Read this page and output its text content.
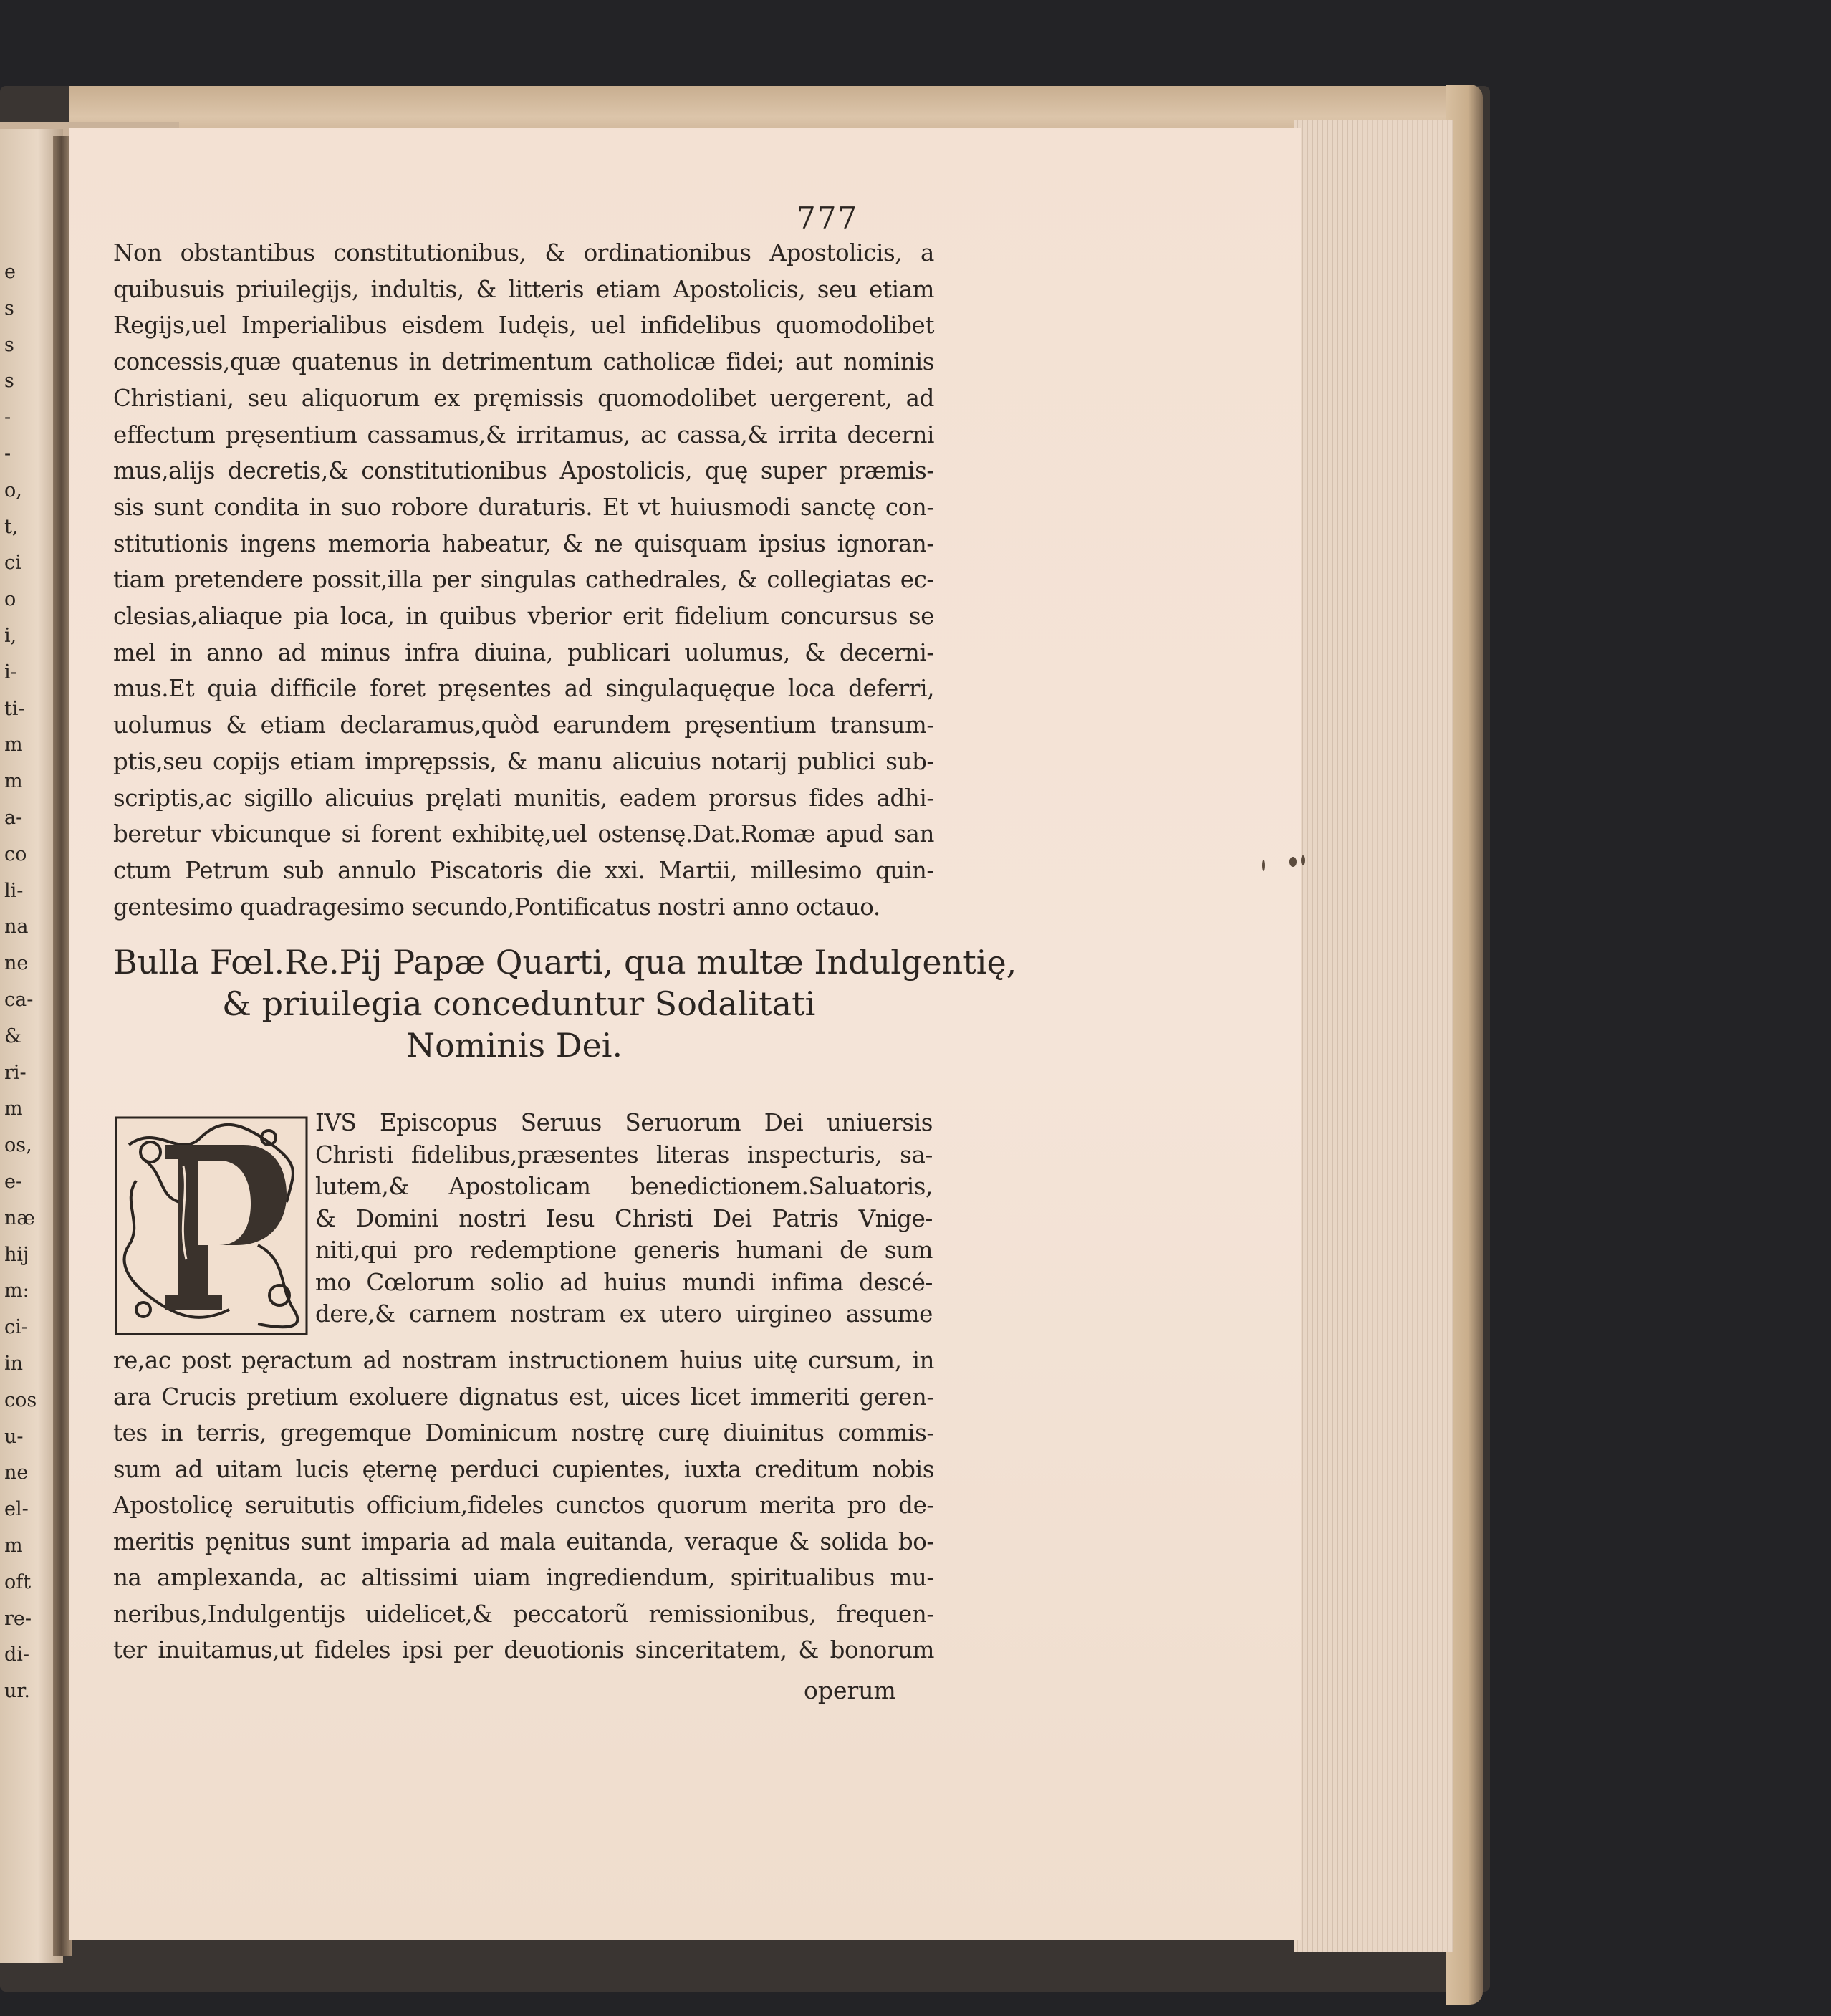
e
s
s
s
-
-
o,
t,
ci
o
i,
i-
ti-
m
m
a-
co
li-
na
ne
ca-
&
ri-
m
os,
e-
næ
hij
m:
ci-
in
cos
u-
ne
el-
m
oft
re-
di-
ur.
777
Non obstantibus constitutionibus, & ordinationibus Apostolicis, a
quibusuis priuilegijs, indultis, & litteris etiam Apostolicis, seu etiam
Regijs,uel Imperialibus eisdem Iudęis, uel infidelibus quomodolibet
concessis,quæ quatenus in detrimentum catholicæ fidei; aut nominis
Christiani, seu aliquorum ex pręmissis quomodolibet uergerent, ad
effectum pręsentium cassamus,& irritamus, ac cassa,& irrita decerni
mus,alijs decretis,& constitutionibus Apostolicis, quę super præmis-
sis sunt condita in suo robore duraturis. Et vt huiusmodi sanctę con-
stitutionis ingens memoria habeatur, & ne quisquam ipsius ignoran-
tiam pretendere possit,illa per singulas cathedrales, & collegiatas ec-
clesias,aliaque pia loca, in quibus vberior erit fidelium concursus se
mel in anno ad minus infra diuina, publicari uolumus, & decerni-
mus.Et quia difficile foret pręsentes ad singulaquęque loca deferri,
uolumus & etiam declaramus,quòd earundem pręsentium transum-
ptis,seu copijs etiam imprępssis, & manu alicuius notarij publici sub-
scriptis,ac sigillo alicuius pręlati munitis, eadem prorsus fides adhi-
beretur vbicunque si forent exhibitę,uel ostensę.Dat.Romæ apud san
ctum Petrum sub annulo Piscatoris die xxi. Martii, millesimo quin-
gentesimo quadragesimo secundo,Pontificatus nostri anno octauo.
Bulla Fœl.Re.Pij Papæ Quarti, qua multæ Indulgentię,
& priuilegia conceduntur Sodalitati
Nominis Dei.
IVS Episcopus Seruus Seruorum Dei uniuersis
Christi fidelibus,præsentes literas inspecturis, sa-
lutem,& Apostolicam benedictionem.Saluatoris,
& Domini nostri Iesu Christi Dei Patris Vnige-
niti,qui pro redemptione generis humani de sum
mo Cœlorum solio ad huius mundi infima descé-
dere,& carnem nostram ex utero uirgineo assume
re,ac post pęractum ad nostram instructionem huius uitę cursum, in
ara Crucis pretium exoluere dignatus est, uices licet immeriti geren-
tes in terris, gregemque Dominicum nostrę curę diuinitus commis-
sum ad uitam lucis ęternę perduci cupientes, iuxta creditum nobis
Apostolicę seruitutis officium,fideles cunctos quorum merita pro de-
meritis pęnitus sunt imparia ad mala euitanda, veraque & solida bo-
na amplexanda, ac altissimi uiam ingrediendum, spiritualibus mu-
neribus,Indulgentijs uidelicet,& peccatorũ remissionibus, frequen-
ter inuitamus,ut fideles ipsi per deuotionis sinceritatem, & bonorum
operum
